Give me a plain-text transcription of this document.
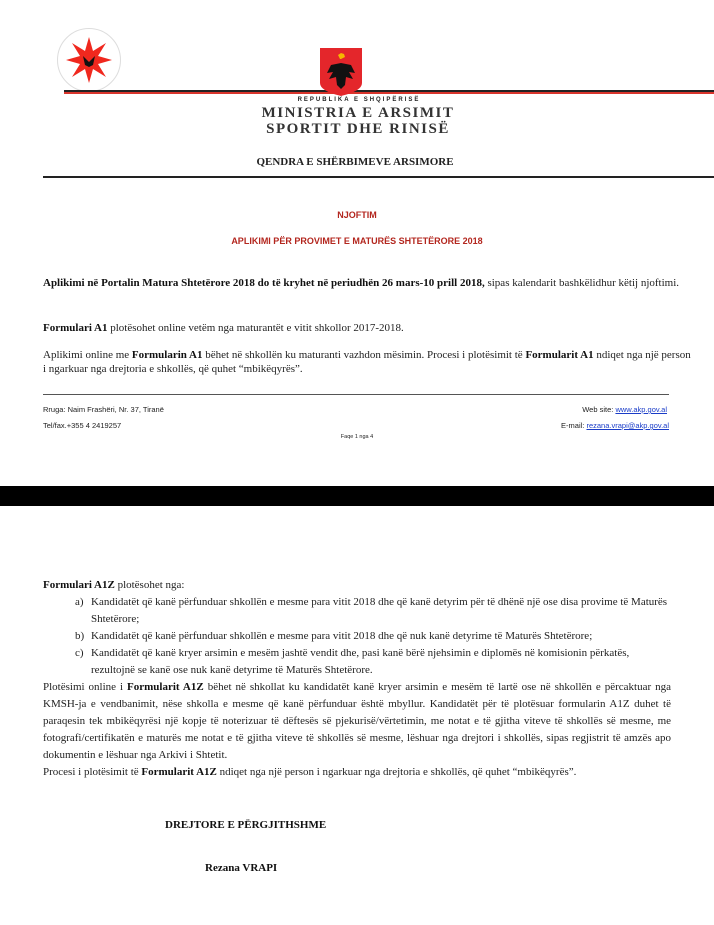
REPUBLIKA E SHQIPËRISË
MINISTRIA E ARSIMIT
SPORTIT DHE RINISË
QENDRA E SHËRBIMEVE ARSIMORE
NJOFTIM
APLIKIMI PËR PROVIMET E MATURËS SHTETËRORE 2018
Aplikimi në Portalin Matura Shtetërore 2018 do të kryhet në periudhën 26 mars-10 prill 2018, sipas kalendarit bashkëlidhur këtij njoftimi.
Formulari A1 plotësohet online vetëm nga maturantët e vitit shkollor 2017-2018.
Aplikimi online me Formularin A1 bëhet në shkollën ku maturanti vazhdon mësimin. Procesi i plotësimit të Formularit A1 ndiqet nga një person
i ngarkuar nga drejtoria e shkollës, që quhet “mbikëqyrës”.
Rruga: Naim Frashëri, Nr. 37, Tiranë
Tel/fax.+355 4 2419257
Web site: www.akp.gov.al
E-mail: rezana.vrapi@akp.gov.al
Faqe 1 nga 4
Formulari A1Z plotësohet nga:
a) Kandidatët që kanë përfunduar shkollën e mesme para vitit 2018 dhe që kanë detyrim për të dhënë një ose disa provime të Maturës Shtetërore;
b) Kandidatët që kanë përfunduar shkollën e mesme para vitit 2018 dhe që nuk kanë detyrime të Maturës Shtetërore;
c) Kandidatët që kanë kryer arsimin e mesëm jashtë vendit dhe, pasi kanë bërë njehsimin e diplomës në komisionin përkatës, rezultojnë se kanë ose nuk kanë detyrime të Maturës Shtetërore.
Plotësimi online i Formularit A1Z bëhet në shkollat ku kandidatët kanë kryer arsimin e mesëm të lartë ose në shkollën e përcaktuar nga KMSH-ja e vendbanimit, nëse shkolla e mesme që kanë përfunduar është mbyllur. Kandidatët për të plotësuar formularin A1Z duhet të paraqesin tek mbikëqyrësi një kopje të noterizuar të dëftesës së pjekurisë/vërtetimin, me notat e të gjitha viteve të shkollës së mesme, me fotografi/certifikatën e maturës me notat e të gjitha viteve të shkollës së mesme, lëshuar nga drejtori i shkollës, sipas regjistrit të amzës apo dokumentin e lëshuar nga Arkivi i Shtetit.
Procesi i plotësimit të Formularit A1Z ndiqet nga një person i ngarkuar nga drejtoria e shkollës, që quhet “mbikëqyrës”.
DREJTORE E PËRGJITHSHME
Rezana VRAPI
